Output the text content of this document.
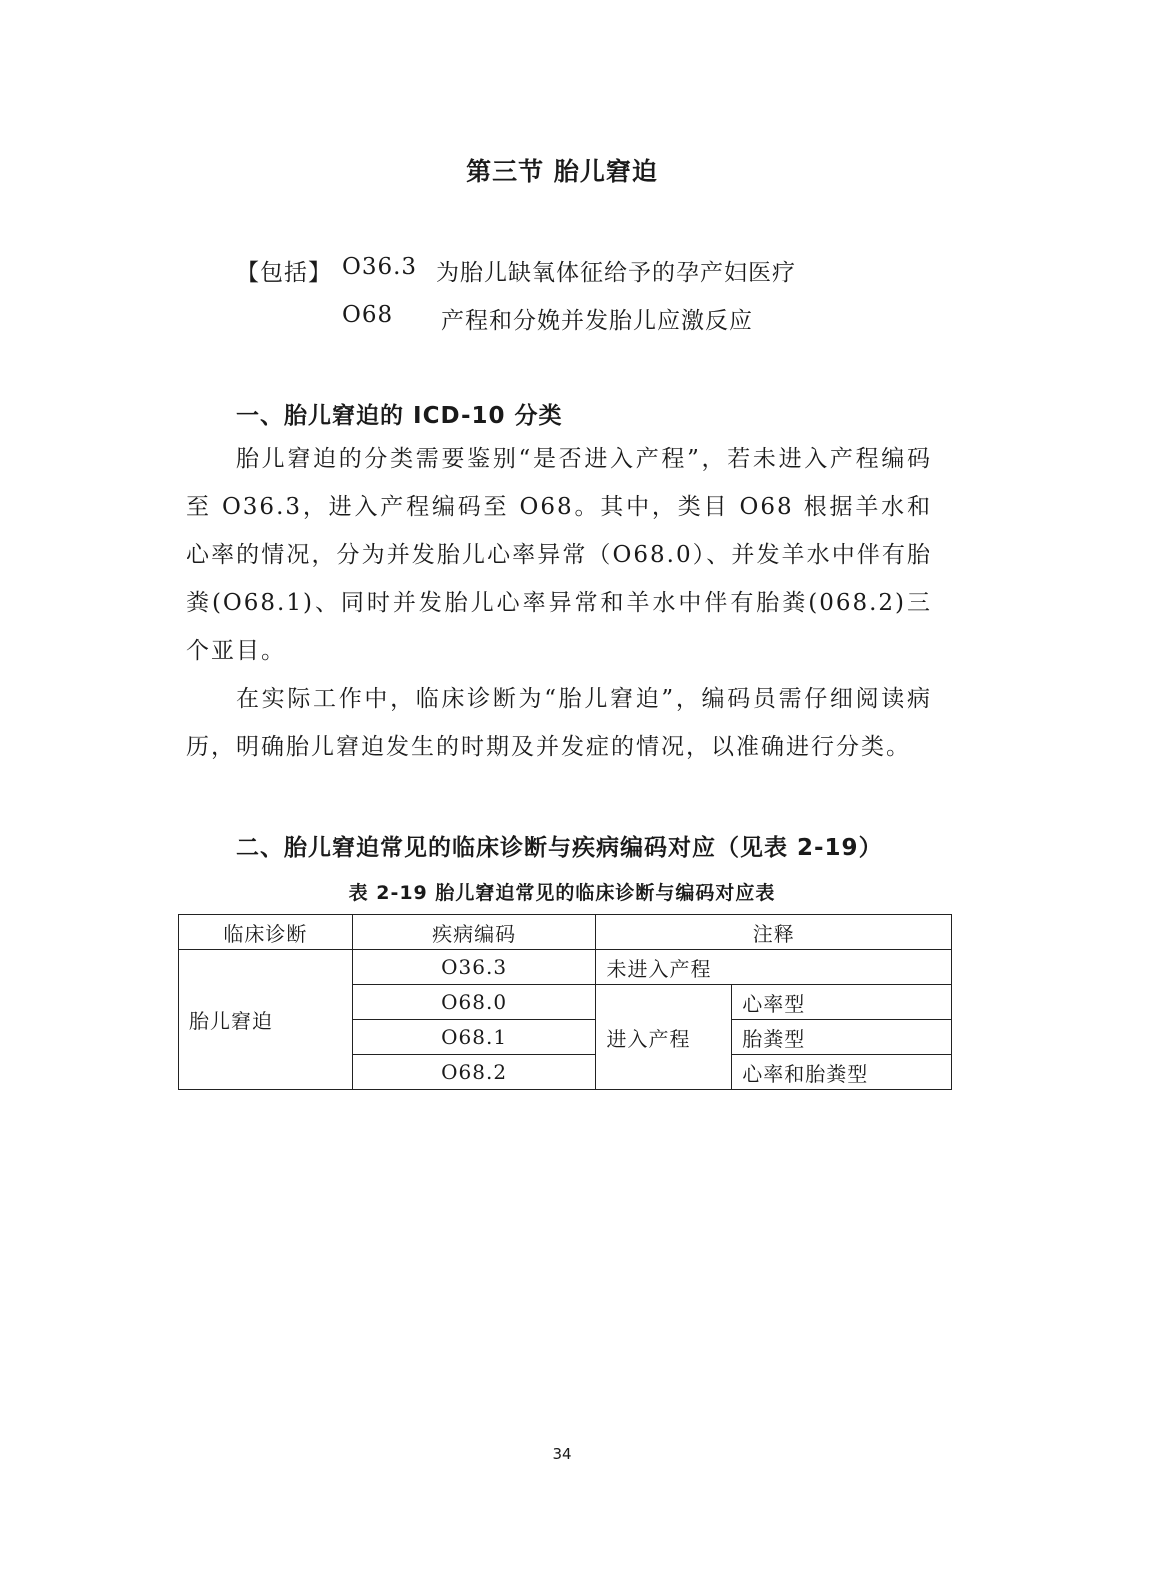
第三节 胎儿窘迫
【包括】 O36.3 为胎儿缺氧体征给予的孕产妇医疗
O68 产程和分娩并发胎儿应激反应
一、胎儿窘迫的 ICD-10 分类

胎儿窘迫的分类需要鉴别“是否进入产程”，若未进入产程编码至 O36.3，进入产程编码至 O68。其中，类目 O68 根据羊水和心率的情况，分为并发胎儿心率异常（O68.0）、并发羊水中伴有胎粪(O68.1)、同时并发胎儿心率异常和羊水中伴有胎粪(068.2)三个亚目。

在实际工作中，临床诊断为“胎儿窘迫”，编码员需仔细阅读病历，明确胎儿窘迫发生的时期及并发症的情况，以准确进行分类。

二、胎儿窘迫常见的临床诊断与疾病编码对应（见表 2-19）
表 2-19 胎儿窘迫常见的临床诊断与编码对应表
临床诊断	疾病编码	注释	
胎儿窘迫	O36.3	未进入产程	
	O68.0	进入产程	心率型
	O68.1		胎粪型
	O68.2		心率和胎粪型
34
